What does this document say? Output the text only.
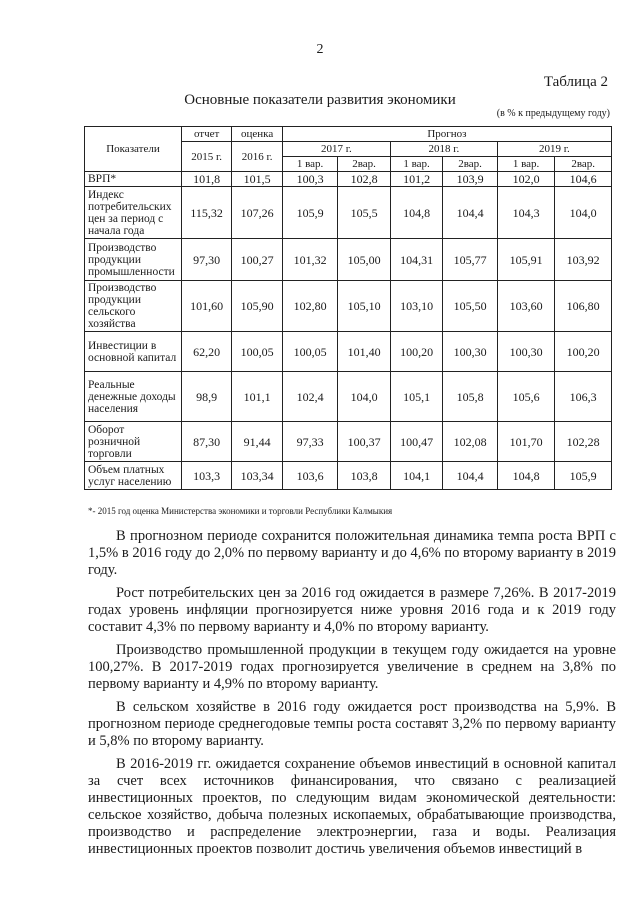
2
Таблица 2
Основные показатели развития экономики
(в % к предыдущему году)
Показатели	отчет	оценка	Прогноз					
	2015 г.	2016 г.	2017 г.		2018 г.		2019 г.	
			1 вар.	2вар.	1 вар.	2вар.	1 вар.	2вар.
ВРП*	101,8	101,5	100,3	102,8	101,2	103,9	102,0	104,6
Индекс потребительских цен за период с начала года	115,32	107,26	105,9	105,5	104,8	104,4	104,3	104,0
Производство продукции промышленности	97,30	100,27	101,32	105,00	104,31	105,77	105,91	103,92
Производство продукции сельского хозяйства	101,60	105,90	102,80	105,10	103,10	105,50	103,60	106,80
Инвестиции в основной капитал	62,20	100,05	100,05	101,40	100,20	100,30	100,30	100,20
Реальные денежные доходы населения	98,9	101,1	102,4	104,0	105,1	105,8	105,6	106,3
Оборот розничной торговли	87,30	91,44	97,33	100,37	100,47	102,08	101,70	102,28
Объем платных услуг населению	103,3	103,34	103,6	103,8	104,1	104,4	104,8	105,9
*- 2015 год оценка Министерства экономики и торговли Республики Калмыкия

В прогнозном периоде сохранится положительная динамика темпа роста ВРП с 1,5% в 2016 году до 2,0% по первому варианту и до 4,6% по второму варианту в 2019 году.

Рост потребительских цен за 2016 год ожидается в размере 7,26%. В 2017-2019 годах уровень инфляции прогнозируется ниже уровня 2016 года и к 2019 году составит 4,3% по первому варианту и 4,0% по второму варианту.

Производство промышленной продукции в текущем году ожидается на уровне 100,27%. В 2017-2019 годах прогнозируется увеличение в среднем на 3,8% по первому варианту и 4,9% по второму варианту.

В сельском хозяйстве в 2016 году ожидается рост производства на 5,9%. В прогнозном периоде среднегодовые темпы роста составят 3,2% по первому варианту и 5,8% по второму варианту.

В 2016-2019 гг. ожидается сохранение объемов инвестиций в основной капитал за счет всех источников финансирования, что связано с реализацией инвестиционных проектов, по следующим видам экономической деятельности: сельское хозяйство, добыча полезных ископаемых, обрабатывающие производства, производство и распределение электроэнергии, газа и воды. Реализация инвестиционных проектов позволит достичь увеличения объемов инвестиций в
